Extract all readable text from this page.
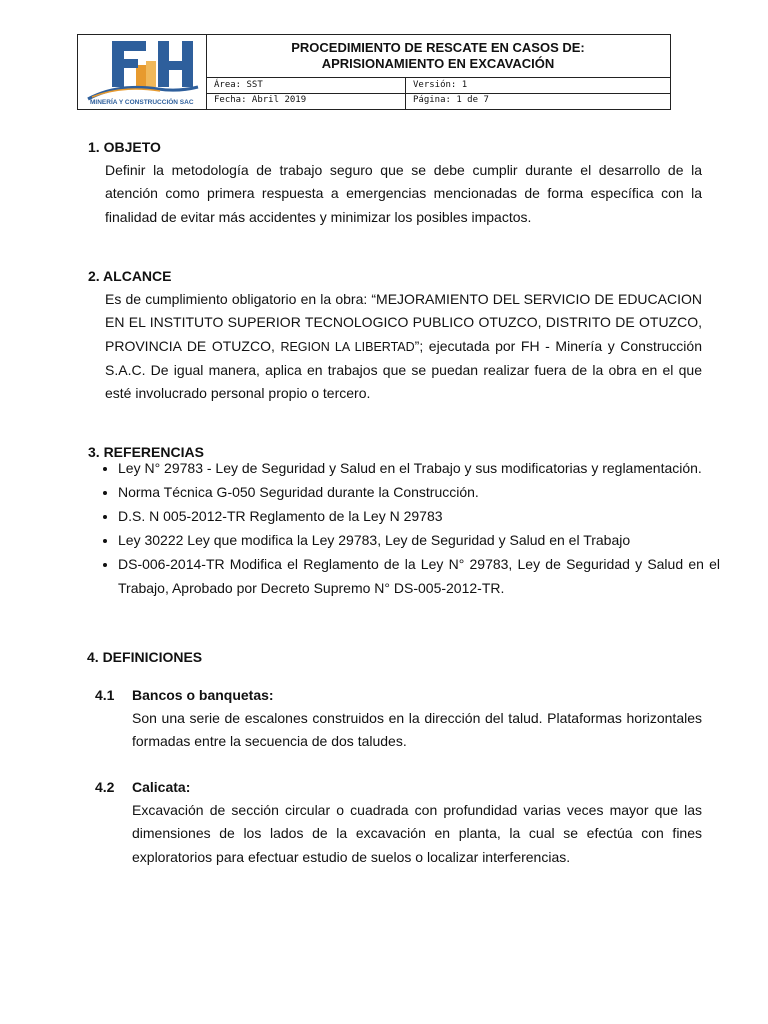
MINERÍA Y CONSTRUCCIÓN SAC
PROCEDIMIENTO DE RESCATE EN CASOS DE:
APRISIONAMIENTO EN EXCAVACIÓN
Área: SST	Versión: 1
Fecha: Abril 2019	Página: 1 de 7
1. OBJETO
Definir la metodología de trabajo seguro que se debe cumplir durante el desarrollo de la atención como primera respuesta a emergencias mencionadas de forma específica con la finalidad de evitar más accidentes y minimizar los posibles impactos.
2. ALCANCE
Es de cumplimiento obligatorio en la obra: “MEJORAMIENTO DEL SERVICIO DE EDUCACION EN EL INSTITUTO SUPERIOR TECNOLOGICO PUBLICO OTUZCO, DISTRITO DE OTUZCO, PROVINCIA DE OTUZCO, REGION LA LIBERTAD”; ejecutada por FH - Minería y Construcción S.A.C. De igual manera, aplica en trabajos que se puedan realizar fuera de la obra en el que esté involucrado personal propio o tercero.
3. REFERENCIAS
• Ley N° 29783 - Ley de Seguridad y Salud en el Trabajo y sus modificatorias y reglamentación.
• Norma Técnica G-050 Seguridad durante la Construcción.
• D.S. N 005-2012-TR Reglamento de la Ley N 29783
• Ley 30222 Ley que modifica la Ley 29783, Ley de Seguridad y Salud en el Trabajo
• DS-006-2014-TR Modifica el Reglamento de la Ley N° 29783, Ley de Seguridad y Salud en el Trabajo, Aprobado por Decreto Supremo N° DS-005-2012-TR.
4. DEFINICIONES
4.1 Bancos o banquetas:
Son una serie de escalones construidos en la dirección del talud. Plataformas horizontales formadas entre la secuencia de dos taludes.
4.2 Calicata:
Excavación de sección circular o cuadrada con profundidad varias veces mayor que las dimensiones de los lados de la excavación en planta, la cual se efectúa con fines exploratorios para efectuar estudio de suelos o localizar interferencias.
